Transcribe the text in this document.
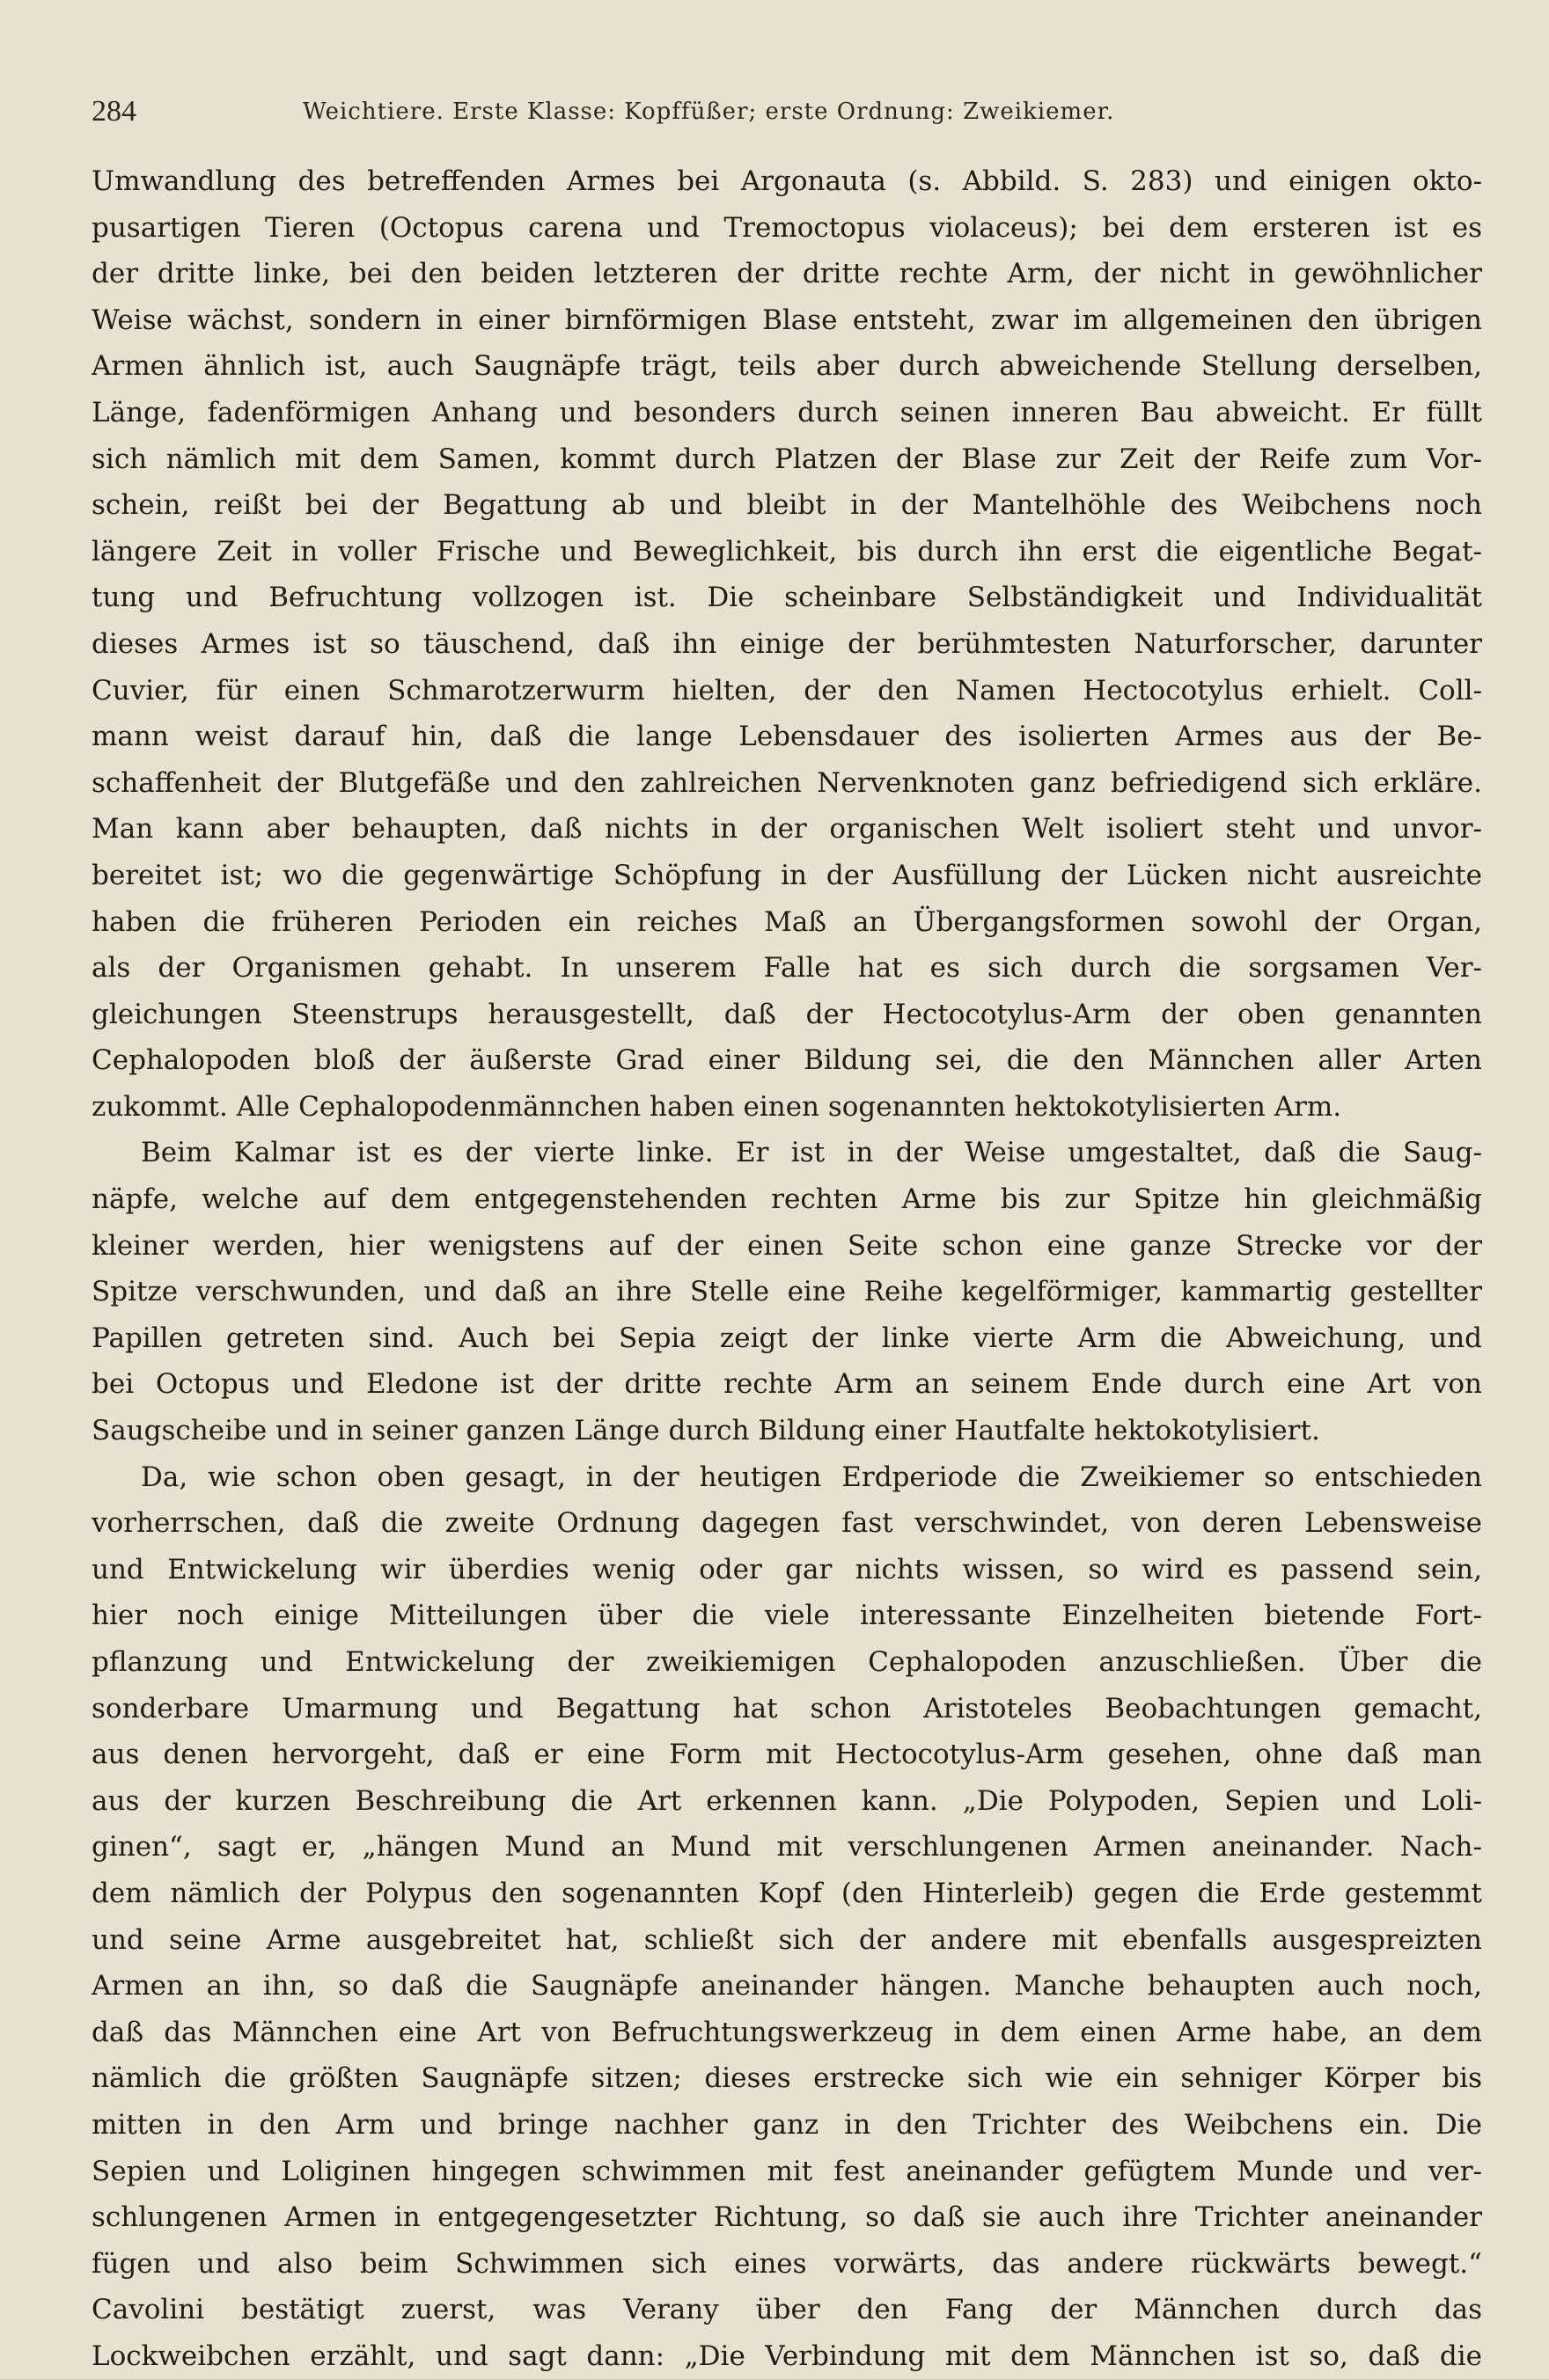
284	Weichtiere. Erste Klasse: Kopffüßer; erste Ordnung: Zweikiemer.
Umwandlung des betreffenden Armes bei Argonauta (s. Abbild. S. 283) und einigen okto-
pusartigen Tieren (Octopus carena und Tremoctopus violaceus); bei dem ersteren ist es
der dritte linke, bei den beiden letzteren der dritte rechte Arm, der nicht in gewöhnlicher
Weise wächst, sondern in einer birnförmigen Blase entsteht, zwar im allgemeinen den übrigen
Armen ähnlich ist, auch Saugnäpfe trägt, teils aber durch abweichende Stellung derselben,
Länge, fadenförmigen Anhang und besonders durch seinen inneren Bau abweicht. Er füllt
sich nämlich mit dem Samen, kommt durch Platzen der Blase zur Zeit der Reife zum Vor-
schein, reißt bei der Begattung ab und bleibt in der Mantelhöhle des Weibchens noch
längere Zeit in voller Frische und Beweglichkeit, bis durch ihn erst die eigentliche Begat-
tung und Befruchtung vollzogen ist. Die scheinbare Selbständigkeit und Individualität
dieses Armes ist so täuschend, daß ihn einige der berühmtesten Naturforscher, darunter
Cuvier, für einen Schmarotzerwurm hielten, der den Namen Hectocotylus erhielt. Coll-
mann weist darauf hin, daß die lange Lebensdauer des isolierten Armes aus der Be-
schaffenheit der Blutgefäße und den zahlreichen Nervenknoten ganz befriedigend sich erkläre.
Man kann aber behaupten, daß nichts in der organischen Welt isoliert steht und unvor-
bereitet ist; wo die gegenwärtige Schöpfung in der Ausfüllung der Lücken nicht ausreichte
haben die früheren Perioden ein reiches Maß an Übergangsformen sowohl der Organ,
als der Organismen gehabt. In unserem Falle hat es sich durch die sorgsamen Ver-
gleichungen Steenstrups herausgestellt, daß der Hectocotylus-Arm der oben genannten
Cephalopoden bloß der äußerste Grad einer Bildung sei, die den Männchen aller Arten
zukommt. Alle Cephalopodenmännchen haben einen sogenannten hektokotylisierten Arm.
Beim Kalmar ist es der vierte linke. Er ist in der Weise umgestaltet, daß die Saug-
näpfe, welche auf dem entgegenstehenden rechten Arme bis zur Spitze hin gleichmäßig
kleiner werden, hier wenigstens auf der einen Seite schon eine ganze Strecke vor der
Spitze verschwunden, und daß an ihre Stelle eine Reihe kegelförmiger, kammartig gestellter
Papillen getreten sind. Auch bei Sepia zeigt der linke vierte Arm die Abweichung, und
bei Octopus und Eledone ist der dritte rechte Arm an seinem Ende durch eine Art von
Saugscheibe und in seiner ganzen Länge durch Bildung einer Hautfalte hektokotylisiert.
Da, wie schon oben gesagt, in der heutigen Erdperiode die Zweikiemer so entschieden
vorherrschen, daß die zweite Ordnung dagegen fast verschwindet, von deren Lebensweise
und Entwickelung wir überdies wenig oder gar nichts wissen, so wird es passend sein,
hier noch einige Mitteilungen über die viele interessante Einzelheiten bietende Fort-
pflanzung und Entwickelung der zweikiemigen Cephalopoden anzuschließen. Über die
sonderbare Umarmung und Begattung hat schon Aristoteles Beobachtungen gemacht,
aus denen hervorgeht, daß er eine Form mit Hectocotylus-Arm gesehen, ohne daß man
aus der kurzen Beschreibung die Art erkennen kann. „Die Polypoden, Sepien und Loli-
ginen“, sagt er, „hängen Mund an Mund mit verschlungenen Armen aneinander. Nach-
dem nämlich der Polypus den sogenannten Kopf (den Hinterleib) gegen die Erde gestemmt
und seine Arme ausgebreitet hat, schließt sich der andere mit ebenfalls ausgespreizten
Armen an ihn, so daß die Saugnäpfe aneinander hängen. Manche behaupten auch noch,
daß das Männchen eine Art von Befruchtungswerkzeug in dem einen Arme habe, an dem
nämlich die größten Saugnäpfe sitzen; dieses erstrecke sich wie ein sehniger Körper bis
mitten in den Arm und bringe nachher ganz in den Trichter des Weibchens ein. Die
Sepien und Loliginen hingegen schwimmen mit fest aneinander gefügtem Munde und ver-
schlungenen Armen in entgegengesetzter Richtung, so daß sie auch ihre Trichter aneinander
fügen und also beim Schwimmen sich eines vorwärts, das andere rückwärts bewegt.“
Cavolini bestätigt zuerst, was Verany über den Fang der Männchen durch das
Lockweibchen erzählt, und sagt dann: „Die Verbindung mit dem Männchen ist so, daß die
